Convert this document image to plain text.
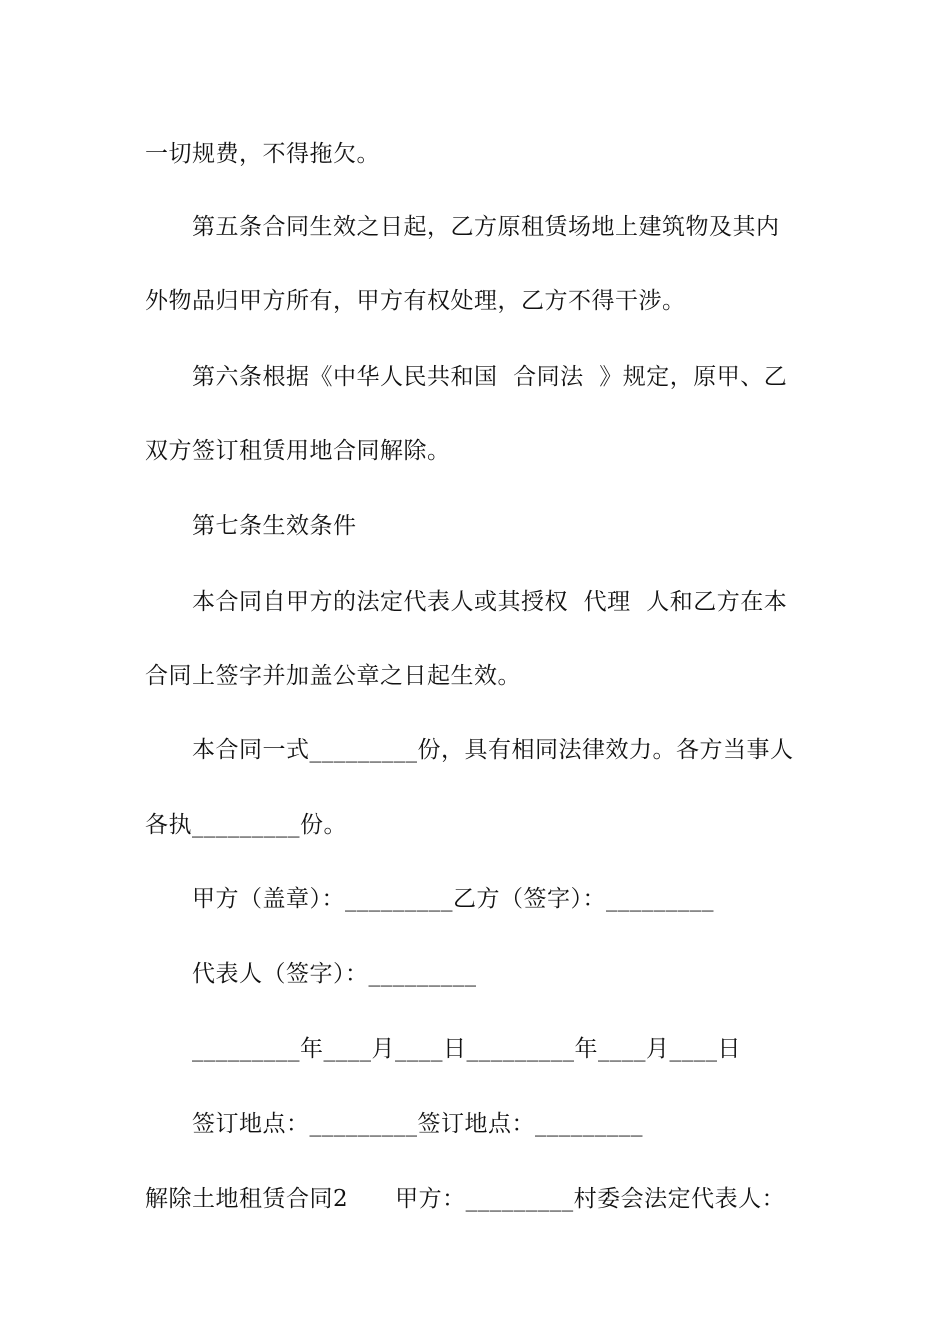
一切规费，不得拖欠。
第五条合同生效之日起，乙方原租赁场地上建筑物及其内
外物品归甲方所有，甲方有权处理，乙方不得干涉。
第六条根据《中华人民共和国  合同法  》规定，原甲、乙
双方签订租赁用地合同解除。
第七条生效条件
本合同自甲方的法定代表人或其授权  代理  人和乙方在本
合同上签字并加盖公章之日起生效。
本合同一式_________份，具有相同法律效力。各方当事人
各执_________份。
甲方（盖章）：_________乙方（签字）：_________
代表人（签字）：_________
_________年____月____日_________年____月____日
签订地点：_________签订地点：_________
解除土地租赁合同2　　甲方：_________村委会法定代表人：
